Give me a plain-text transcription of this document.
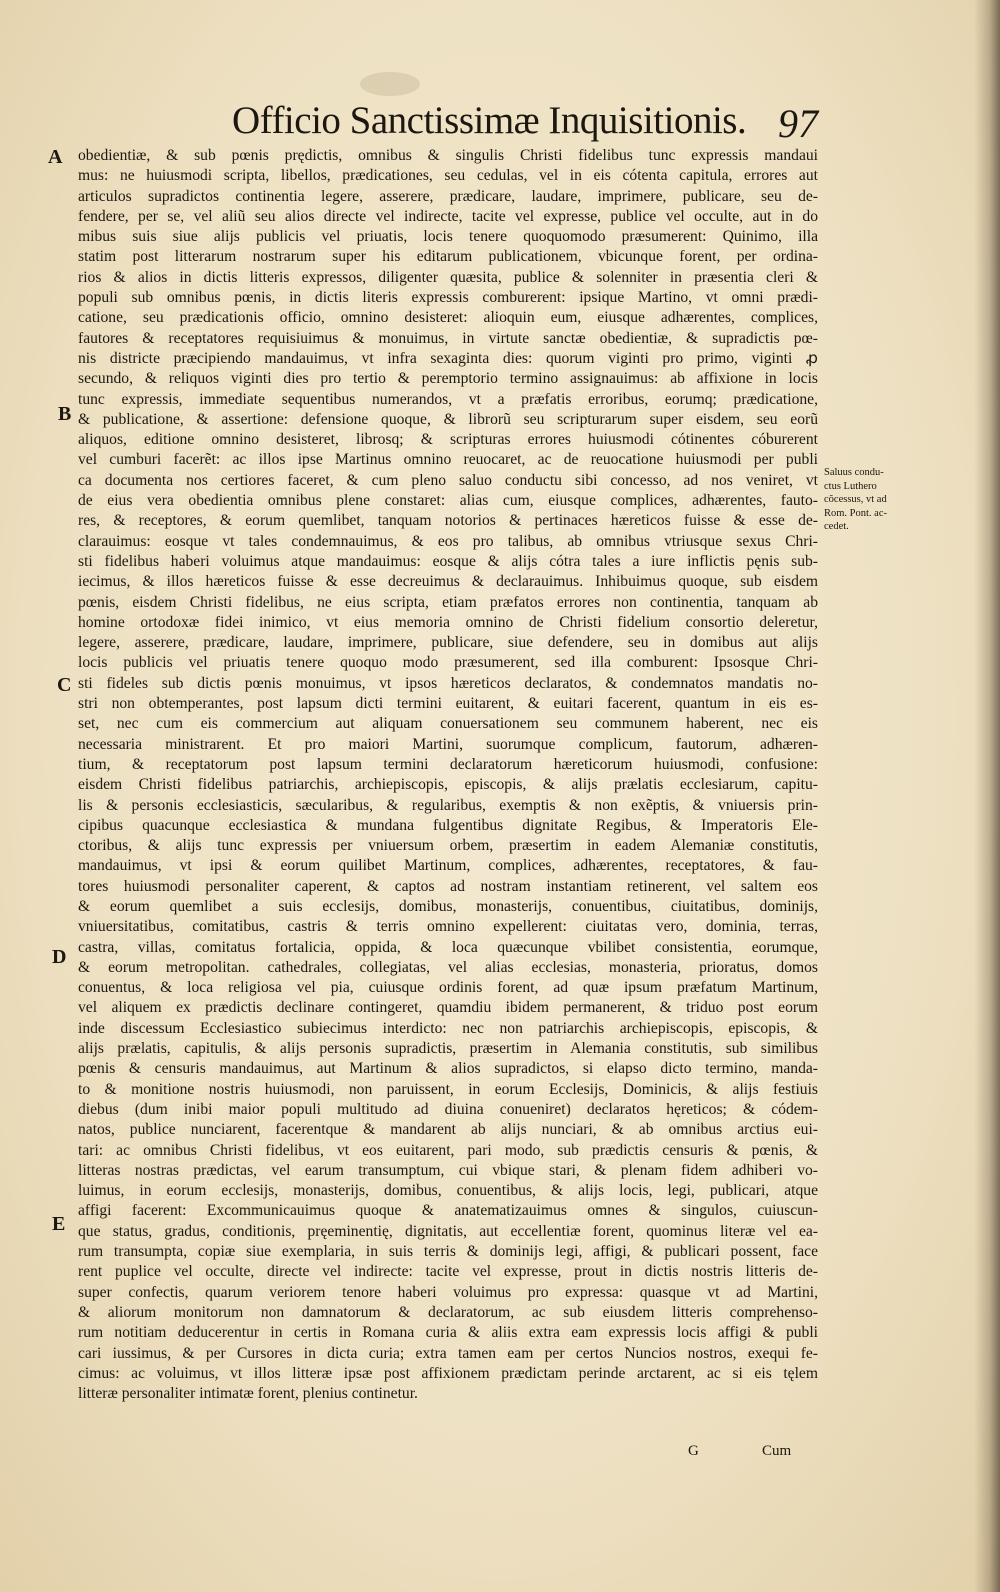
Officio Sanctissimæ Inquisitionis. 97
A
B
C
D
E
obedientiæ, & sub pœnis prędictis, omnibus & singulis Christi fidelibus tunc expressis mandaui
mus: ne huiusmodi scripta, libellos, prædicationes, seu cedulas, vel in eis cótenta capitula, errores aut
articulos supradictos continentia legere, asserere, prædicare, laudare, imprimere, publicare, seu de-
fendere, per se, vel aliũ seu alios directe vel indirecte, tacite vel expresse, publice vel occulte, aut in do
mibus suis siue alijs publicis vel priuatis, locis tenere quoquomodo præsumerent: Quinimo, illa
statim post litterarum nostrarum super his editarum publicationem, vbicunque forent, per ordina-
rios & alios in dictis litteris expressos, diligenter quæsita, publice & solenniter in præsentia cleri &
populi sub omnibus pœnis, in dictis literis expressis comburerent: ipsique Martino, vt omni prædi-
catione, seu prædicationis officio, omnino desisteret: alioquin eum, eiusque adhærentes, complices,
fautores & receptatores requisiuimus & monuimus, in virtute sanctæ obedientiæ, & supradictis pœ-
nis districte præcipiendo mandauimus, vt infra sexaginta dies: quorum viginti pro primo, viginti ꝓ
secundo, & reliquos viginti dies pro tertio & peremptorio termino assignauimus: ab affixione in locis
tunc expressis, immediate sequentibus numerandos, vt a præfatis erroribus, eorumq; prædicatione,
& publicatione, & assertione: defensione quoque, & librorũ seu scripturarum super eisdem, seu eorũ
aliquos, editione omnino desisteret, librosq; & scripturas errores huiusmodi cótinentes cóburerent
vel cumburi facerẽt: ac illos ipse Martinus omnino reuocaret, ac de reuocatione huiusmodi per publi
ca documenta nos certiores faceret, & cum pleno saluo conductu sibi concesso, ad nos veniret, vt
de eius vera obedientia omnibus plene constaret: alias cum, eiusque complices, adhærentes, fauto-
res, & receptores, & eorum quemlibet, tanquam notorios & pertinaces hæreticos fuisse & esse de-
clarauimus: eosque vt tales condemnauimus, & eos pro talibus, ab omnibus vtriusque sexus Chri-
sti fidelibus haberi voluimus atque mandauimus: eosque & alijs cótra tales a iure inflictis pęnis sub-
iecimus, & illos hæreticos fuisse & esse decreuimus & declarauimus. Inhibuimus quoque, sub eisdem
pœnis, eisdem Christi fidelibus, ne eius scripta, etiam præfatos errores non continentia, tanquam ab
homine ortodoxæ fidei inimico, vt eius memoria omnino de Christi fidelium consortio deleretur,
legere, asserere, prædicare, laudare, imprimere, publicare, siue defendere, seu in domibus aut alijs
locis publicis vel priuatis tenere quoquo modo præsumerent, sed illa comburent: Ipsosque Chri-
sti fideles sub dictis pœnis monuimus, vt ipsos hæreticos declaratos, & condemnatos mandatis no-
stri non obtemperantes, post lapsum dicti termini euitarent, & euitari facerent, quantum in eis es-
set, nec cum eis commercium aut aliquam conuersationem seu communem haberent, nec eis
necessaria ministrarent. Et pro maiori Martini, suorumque complicum, fautorum, adhæren-
tium, & receptatorum post lapsum termini declaratorum hæreticorum huiusmodi, confusione:
eisdem Christi fidelibus patriarchis, archiepiscopis, episcopis, & alijs prælatis ecclesiarum, capitu-
lis & personis ecclesiasticis, sæcularibus, & regularibus, exemptis & non exẽptis, & vniuersis prin-
cipibus quacunque ecclesiastica & mundana fulgentibus dignitate Regibus, & Imperatoris Ele-
ctoribus, & alijs tunc expressis per vniuersum orbem, præsertim in eadem Alemaniæ constitutis,
mandauimus, vt ipsi & eorum quilibet Martinum, complices, adhærentes, receptatores, & fau-
tores huiusmodi personaliter caperent, & captos ad nostram instantiam retinerent, vel saltem eos
& eorum quemlibet a suis ecclesijs, domibus, monasterijs, conuentibus, ciuitatibus, dominijs,
vniuersitatibus, comitatibus, castris & terris omnino expellerent: ciuitatas vero, dominia, terras,
castra, villas, comitatus fortalicia, oppida, & loca quæcunque vbilibet consistentia, eorumque,
& eorum metropolitan. cathedrales, collegiatas, vel alias ecclesias, monasteria, prioratus, domos
conuentus, & loca religiosa vel pia, cuiusque ordinis forent, ad quæ ipsum præfatum Martinum,
vel aliquem ex prædictis declinare contingeret, quamdiu ibidem permanerent, & triduo post eorum
inde discessum Ecclesiastico subiecimus interdicto: nec non patriarchis archiepiscopis, episcopis, &
alijs prælatis, capitulis, & alijs personis supradictis, præsertim in Alemania constitutis, sub similibus
pœnis & censuris mandauimus, aut Martinum & alios supradictos, si elapso dicto termino, manda-
to & monitione nostris huiusmodi, non paruissent, in eorum Ecclesijs, Dominicis, & alijs festiuis
diebus (dum inibi maior populi multitudo ad diuina conueniret) declaratos hęreticos; & códem-
natos, publice nunciarent, facerentque & mandarent ab alijs nunciari, & ab omnibus arctius eui-
tari: ac omnibus Christi fidelibus, vt eos euitarent, pari modo, sub prædictis censuris & pœnis, &
litteras nostras prædictas, vel earum transumptum, cui vbique stari, & plenam fidem adhiberi vo-
luimus, in eorum ecclesijs, monasterijs, domibus, conuentibus, & alijs locis, legi, publicari, atque
affigi facerent: Excommunicauimus quoque & anatematizauimus omnes & singulos, cuiuscun-
que status, gradus, conditionis, pręeminentię, dignitatis, aut eccellentiæ forent, quominus literæ vel ea-
rum transumpta, copiæ siue exemplaria, in suis terris & dominijs legi, affigi, & publicari possent, face
rent puplice vel occulte, directe vel indirecte: tacite vel expresse, prout in dictis nostris litteris de-
super confectis, quarum veriorem tenore haberi voluimus pro expressa: quasque vt ad Martini,
& aliorum monitorum non damnatorum & declaratorum, ac sub eiusdem litteris comprehenso-
rum notitiam deducerentur in certis in Romana curia & aliis extra eam expressis locis affigi & publi
cari iussimus, & per Cursores in dicta curia; extra tamen eam per certos Nuncios nostros, exequi fe-
cimus: ac voluimus, vt illos litteræ ipsæ post affixionem prædictam perinde arctarent, ac si eis tęlem
litteræ personaliter intimatæ forent, plenius continetur.
Saluus condu-
ctus Luthero
cõcessus, vt ad
Rom. Pont. ac-
cedet.
G	Cum
